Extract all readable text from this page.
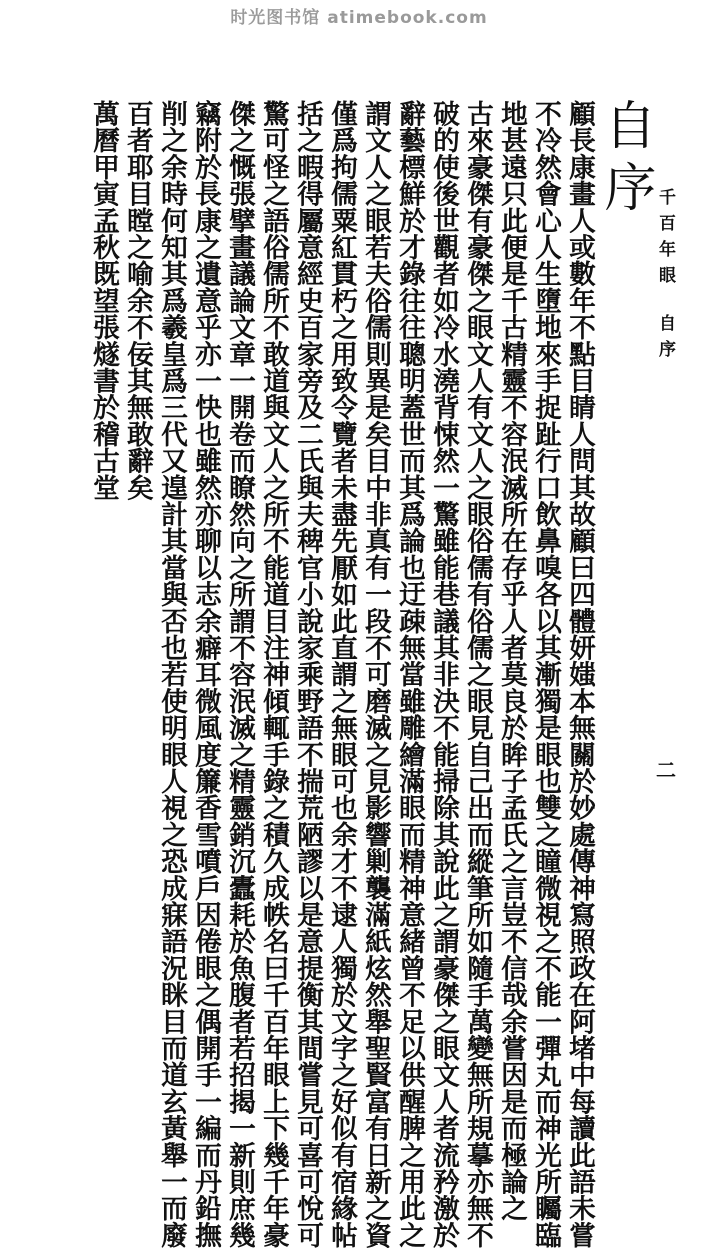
时光图书馆 atimebook.com
千百年眼自序
自序
顧長康畫人或數年不點目睛人問其故顧曰四體妍媸本無關於妙處傳神寫照政在阿堵中每讀此語未嘗
不冷然會心人生墮地來手捉趾行口飲鼻嗅各以其漸獨是眼也雙之瞳微視之不能一彈丸而神光所矚臨
地甚遠只此便是千古精靈不容泯滅所在存乎人者莫良於眸子孟氏之言豈不信哉余嘗因是而極論之
古來豪傑有豪傑之眼文人有文人之眼俗儒有俗儒之眼見自己出而縱筆所如隨手萬變無所規摹亦無不
破的使後世觀者如冷水澆背悚然一驚雖能巷議其非決不能掃除其說此之謂豪傑之眼文人者流矜激於
辭藝標鮮於才錄往往聰明蓋世而其爲論也迂疎無當雖雕繪滿眼而精神意緒曾不足以供醒脾之用此之
謂文人之眼若夫俗儒則異是矣目中非真有一段不可磨滅之見影響剿襲滿紙炫然舉聖賢富有日新之資
僅爲拘儒粟紅貫朽之用致令覽者未盡先厭如此直謂之無眼可也余才不逮人獨於文字之好似有宿緣帖
括之暇得屬意經史百家旁及二氏與夫稗官小說家乘野語不揣荒陋謬以是意提衡其間嘗見可喜可悅可
驚可怪之語俗儒所不敢道與文人之所不能道目注神傾輒手錄之積久成帙名曰千百年眼上下幾千年豪
傑之慨張擘畫議論文章一開卷而瞭然向之所謂不容泯滅之精靈銷沉蠹耗於魚腹者若招揭一新則庶幾
竊附於長康之遺意乎亦一快也雖然亦聊以志余癖耳微風度簾香雪噴戶因倦眼之偶開手一編而丹鉛撫
削之余時何知其爲羲皇爲三代又遑計其當與否也若使明眼人視之恐成寐語況眯目而道玄黃舉一而廢
百者耶目瞠之喻余不佞其無敢辭矣
萬曆甲寅孟秋既望張燧書於稽古堂
二
